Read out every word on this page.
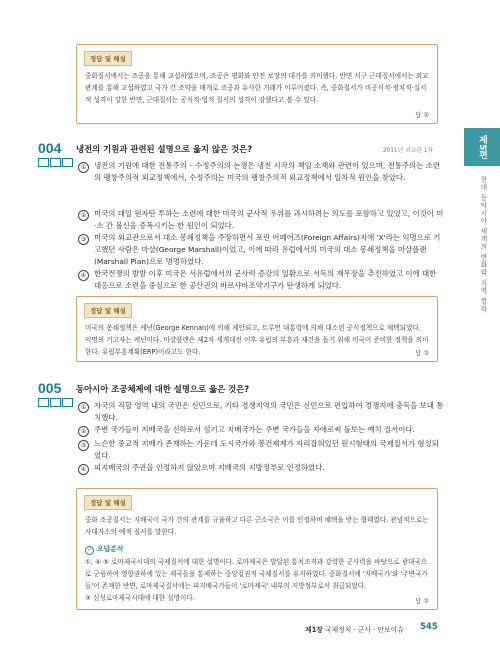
제5편
현대 동아시아 세계의 변화와 지역 협력
정답 및 해설
중화질서에서는 조공을 통해 교섭하였으며, 조공은 평화와 안전 보장의 대가를 의미했다. 반면 서구 근대질서에서는 외교관계를 통해 교섭하였고 국가 간 조약을 매개로 조공과 유사한 거래가 이루어졌다. 즉, 중화질서가 비공식적·정치적·실서적 성격이 강한 반면, 근대질서는 공식적·법적 질서의 성격이 강했다고 볼 수 있다.
답 ②
004 냉전의 기원과 관련된 설명으로 옳지 않은 것은?	2011년 외교관 1차
①	냉전의 기원에 대한 전통주의 – 수정주의의 논쟁은 냉전 시작의 책임 소재와 관련이 있으며, 전통주의는 소련의 팽창주의적 외교정책에서, 수정주의는 미국의 팽창주의적 외교정책에서 일차적 원인을 찾았다.
②	미국의 대일 원자탄 투하는 소련에 대한 미국의 군사적 우위를 과시하려는 의도를 포함하고 있었고, 이것이 미·소 간 불신을 증폭시키는 한 원인이 되었다.
③	미국의 외교관으로서 대소 봉쇄정책을 주장하면서 포린 어페어즈(Foreign Affairs)지에 'X'라는 익명으로 기고했던 사람은 마샬(George Marshall)이었고, 이에 따라 유럽에서의 미국의 대소 봉쇄정책을 마샬플랜(Marshall Plan)으로 명명하였다.
④	한국전쟁의 발발 이후 미국은 서유럽에서의 군사력 증강의 일환으로 서독의 재무장을 추진하였고 이에 대한 대응으로 소련을 중심으로 한 공산권의 바르샤바조약기구가 탄생하게 되었다.
정답 및 해설
미국의 봉쇄정책은 케넌(George Kennan)에 의해 제안되고, 트루먼 대통령에 의해 대소련 공식정책으로 채택되었다. 익명의 기고자는 케넌이다. 마샬플랜은 제2차 세계대전 이후 유럽의 부흥과 재건을 돕기 위해 미국이 준비한 정책을 의미한다. 유럽부흥계획(ERP)이라고도 한다.	답 ③
005 동아시아 조공체제에 대한 설명으로 옳은 것은?
①	자국의 직할 영역 내의 국민은 신민으로, 기타 경쟁지역의 국민은 신민으로 편입하여 경쟁지에 충독을 보내 통치했다.
②	주변 국가들이 지배국을 신하로서 섬기고 지배국가는 주변 국가들을 자애로써 돌보는 예치 질서이다.
③	느슨한 중교적 지배가 존재하는 가운데 도시국가와 봉건제제가 자리잡혀있던 원시형태의 국제질서가 형성되었다.
④	피지배국의 주권을 인정하지 않았으며 지배국의 지방정부로 인정하였다.
정답 및 해설
중화 조공질서는 지배국이 국가 간의 관계를 규율하고 다른 군소국은 이를 인정하며 혜택을 받는 형태였다. 관념적으로는 사대자소의 예적 질서를 말한다.
✓ 오답분석
①, ④ ⑤ 로마제국시대의 국제질서에 대한 설명이다. 로마제국은 발달된 통치조직과 강력한 군사력을 바탕으로 광대국으로 군림하여 영향권하에 있는 제국들을 통제하는 중앙집권적 국제질서를 유지하였다. 중화질서에 '지배국가'와 '주변국가들'이 존재한 반면, 로마제국질서에는 피지배국가들이 '로마제국' 내부의 지방정부로서 취급되었다.
③ 신성로마제국시대에 대한 설명이다.	답 ②
제1장 국제정치 · 군사 · 안보이슈 545
